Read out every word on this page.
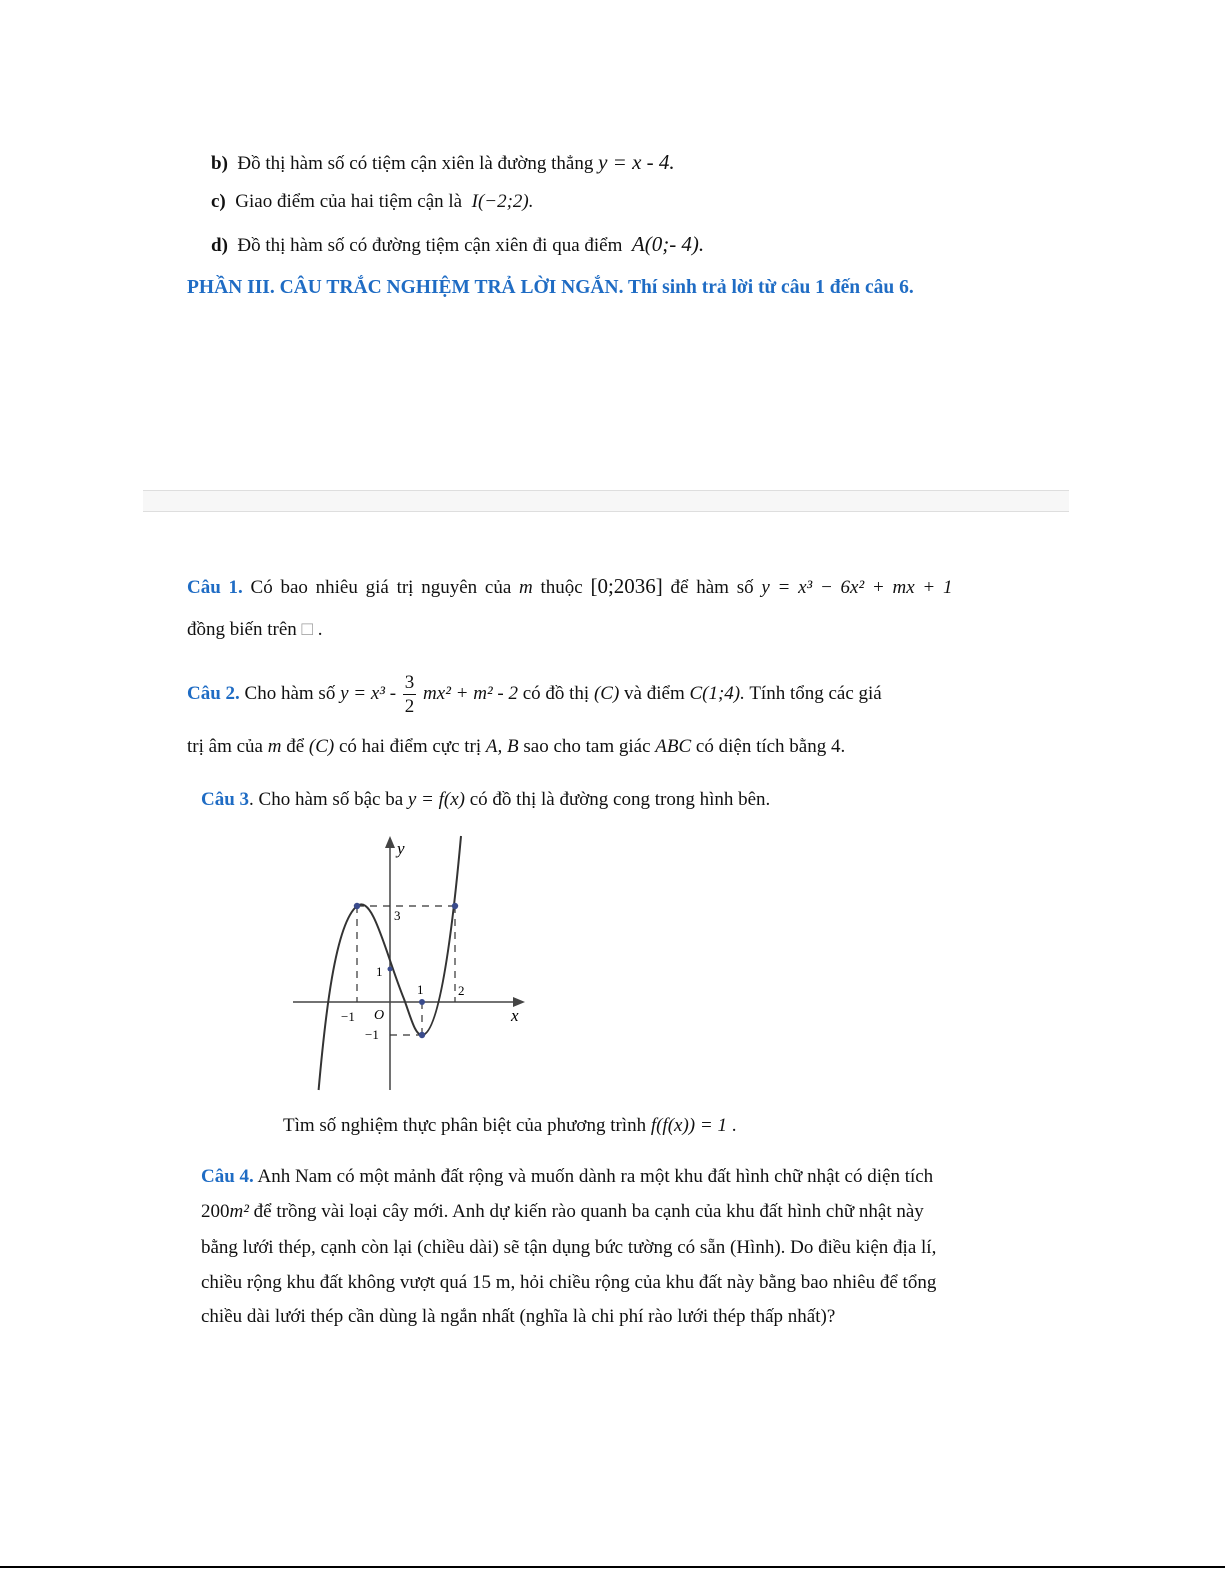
b) Đồ thị hàm số có tiệm cận xiên là đường thẳng y = x - 4.
c) Giao điểm của hai tiệm cận là I(−2;2).
d) Đồ thị hàm số có đường tiệm cận xiên đi qua điểm A(0;- 4).
PHẦN III. CÂU TRẮC NGHIỆM TRẢ LỜI NGẮN. Thí sinh trả lời từ câu 1 đến câu 6.
Câu 1. Có bao nhiêu giá trị nguyên của m thuộc [0;2036] để hàm số y = x³ − 6x² + mx + 1
đồng biến trên □ .
Câu 2. Cho hàm số $y = x^3 - \frac{3}{2} mx^2 + m^2 - 2$ có đồ thị (C) và điểm C(1;4). Tính tổng các giá
trị âm của m để (C) có hai điểm cực trị A, B sao cho tam giác ABC có diện tích bằng 4.
Câu 3. Cho hàm số bậc ba y = f(x) có đồ thị là đường cong trong hình bên.
y
x
O
3
1
1	2
−1
−1
Tìm số nghiệm thực phân biệt của phương trình f(f(x)) = 1 .
Câu 4. Anh Nam có một mảnh đất rộng và muốn dành ra một khu đất hình chữ nhật có diện tích
200m² để trồng vài loại cây mới. Anh dự kiến rào quanh ba cạnh của khu đất hình chữ nhật này
bằng lưới thép, cạnh còn lại (chiều dài) sẽ tận dụng bức tường có sẵn (Hình). Do điều kiện địa lí,
chiều rộng khu đất không vượt quá 15 m, hỏi chiều rộng của khu đất này bằng bao nhiêu để tổng
chiều dài lưới thép cần dùng là ngắn nhất (nghĩa là chi phí rào lưới thép thấp nhất)?
